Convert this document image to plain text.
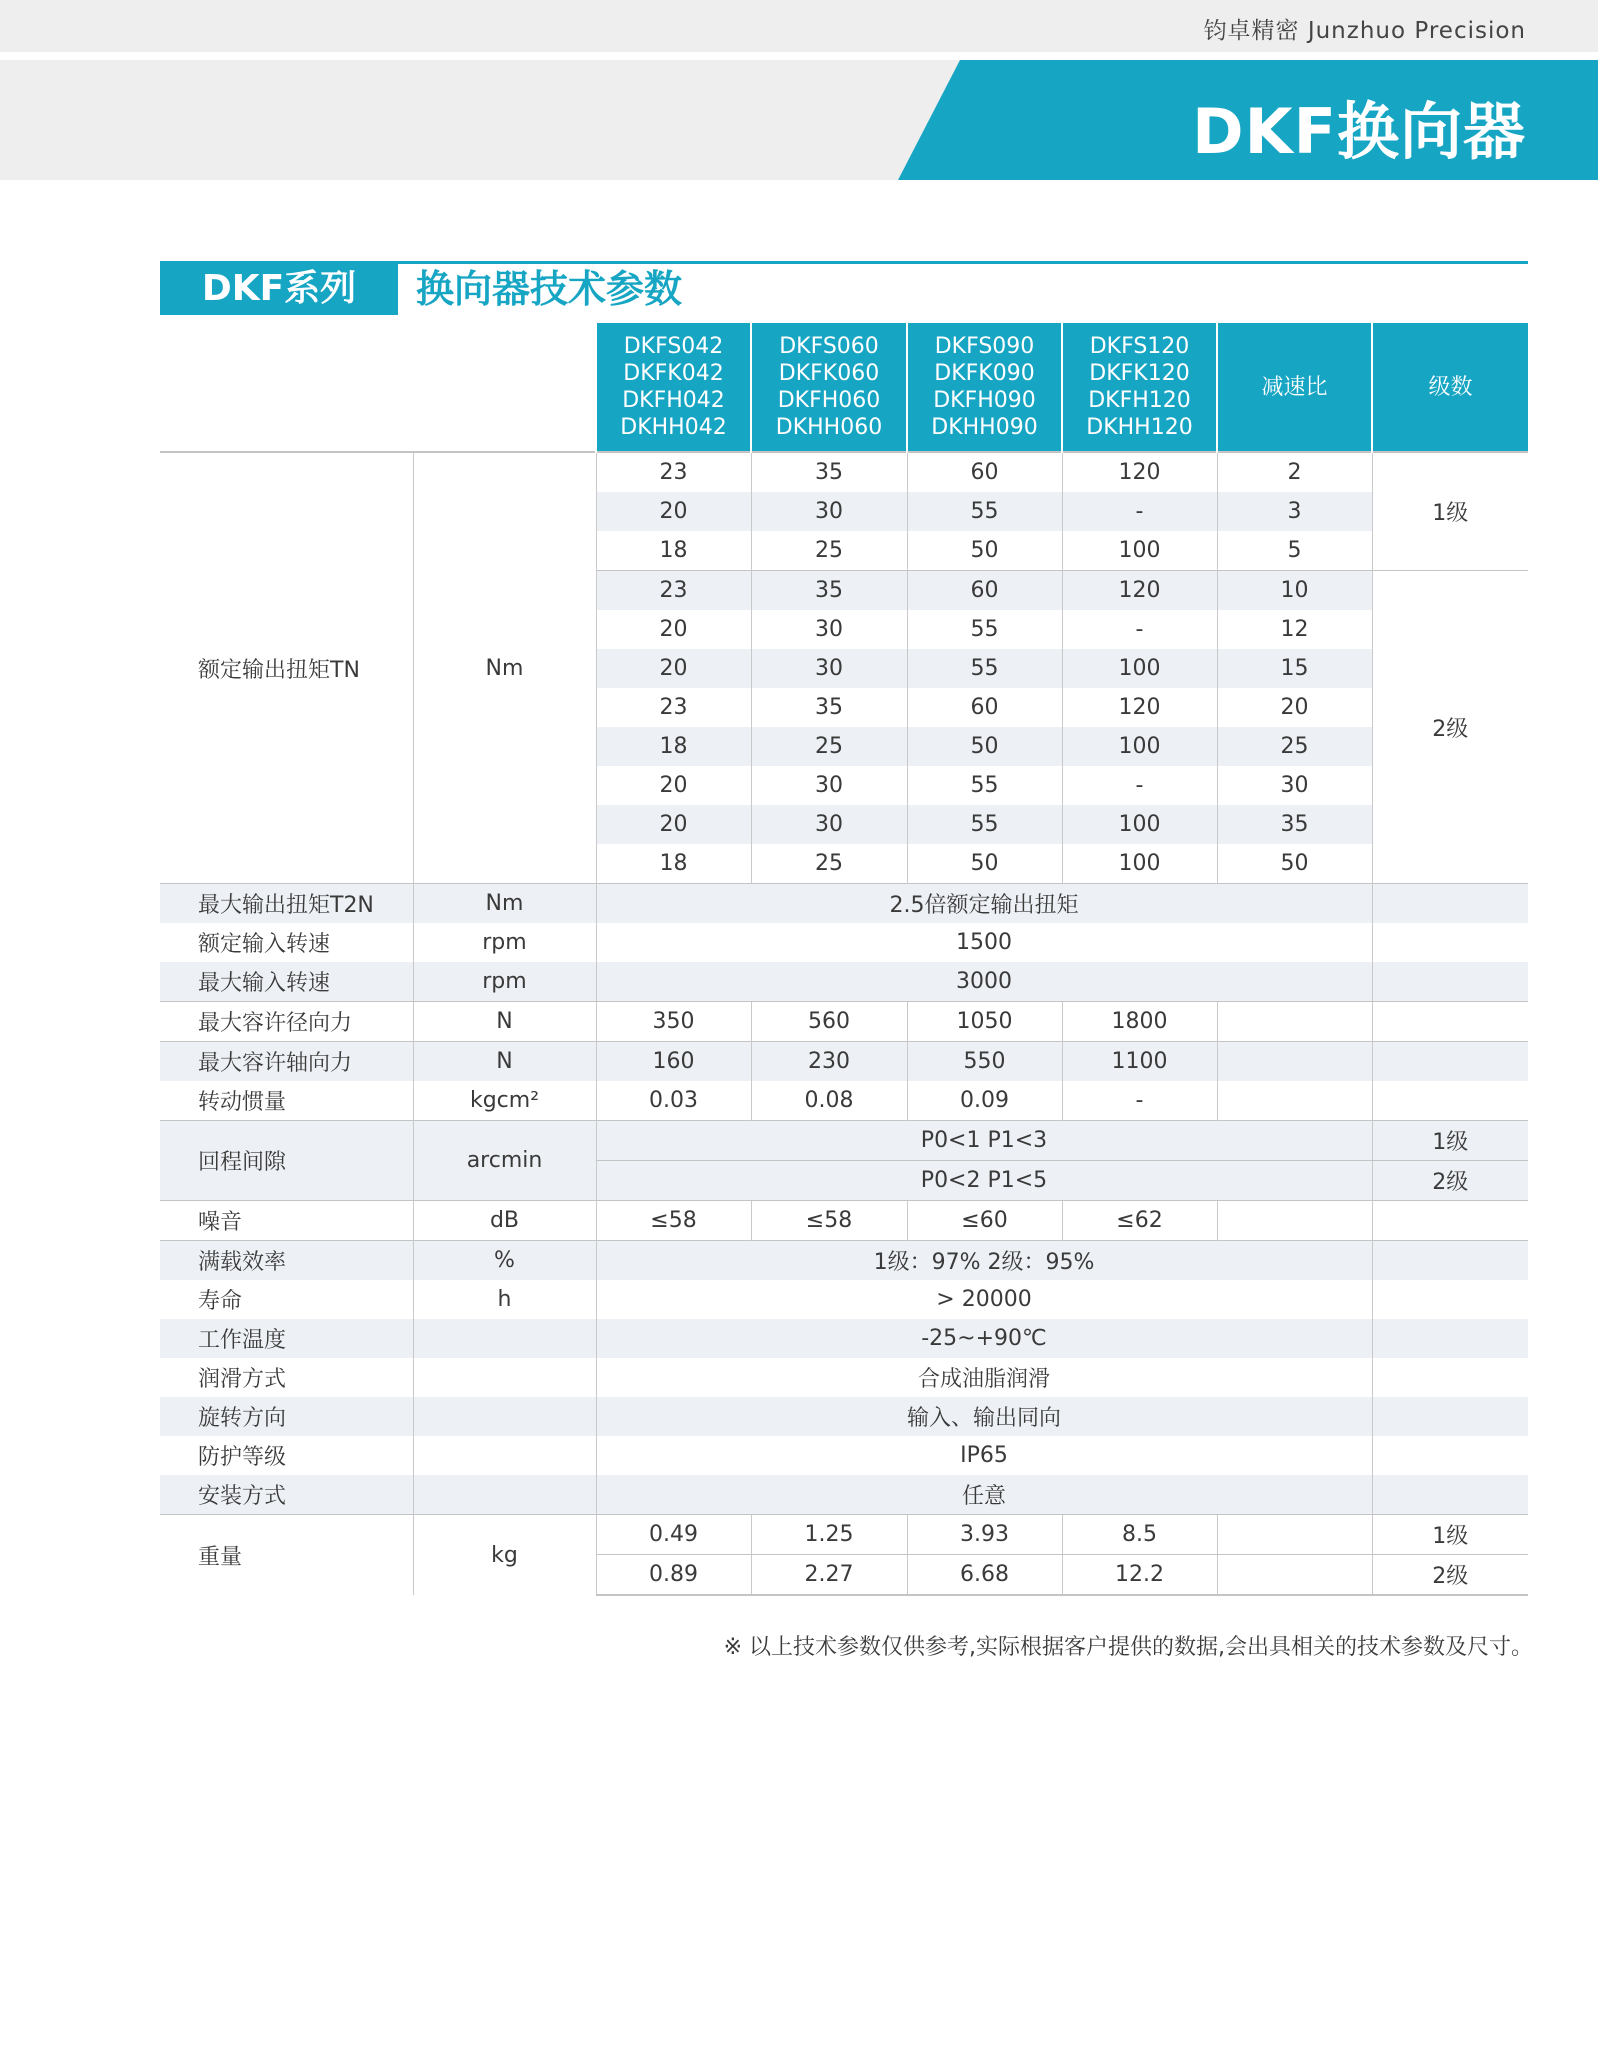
钧卓精密 Junzhuo Precision
DKF换向器
DKF系列	换向器技术参数
		DKFS042
DKFK042
DKFH042
DKHH042	DKFS060
DKFK060
DKFH060
DKHH060	DKFS090
DKFK090
DKFH090
DKHH090	DKFS120
DKFK120
DKFH120
DKHH120	减速比	级数
额定输出扭矩TN	Nm	23	35	60	120	2	1级
		20	30	55	-	3	
		18	25	50	100	5	
		23	35	60	120	10	2级
		20	30	55	-	12	
		20	30	55	100	15	
		23	35	60	120	20	
		18	25	50	100	25	
		20	30	55	-	30	
		20	30	55	100	35	
		18	25	50	100	50	
最大输出扭矩T2N	Nm	2.5倍额定输出扭矩					
额定输入转速	rpm	1500					
最大输入转速	rpm	3000					
最大容许径向力	N	350	560	1050	1800		
最大容许轴向力	N	160	230	550	1100		
转动惯量	kgcm²	0.03	0.08	0.09	-		
回程间隙	arcmin	P0<1 P1<3					1级
		P0<2 P1<5					2级
噪音	dB	≤58	≤58	≤60	≤62		
满载效率	%	1级：97% 2级：95%					
寿命	h	> 20000					
工作温度		-25~+90℃					
润滑方式		合成油脂润滑					
旋转方向		输入、输出同向					
防护等级		IP65					
安装方式		任意					
重量	kg	0.49	1.25	3.93	8.5		1级
		0.89	2.27	6.68	12.2		2级
※ 以上技术参数仅供参考,实际根据客户提供的数据,会出具相关的技术参数及尺寸。
